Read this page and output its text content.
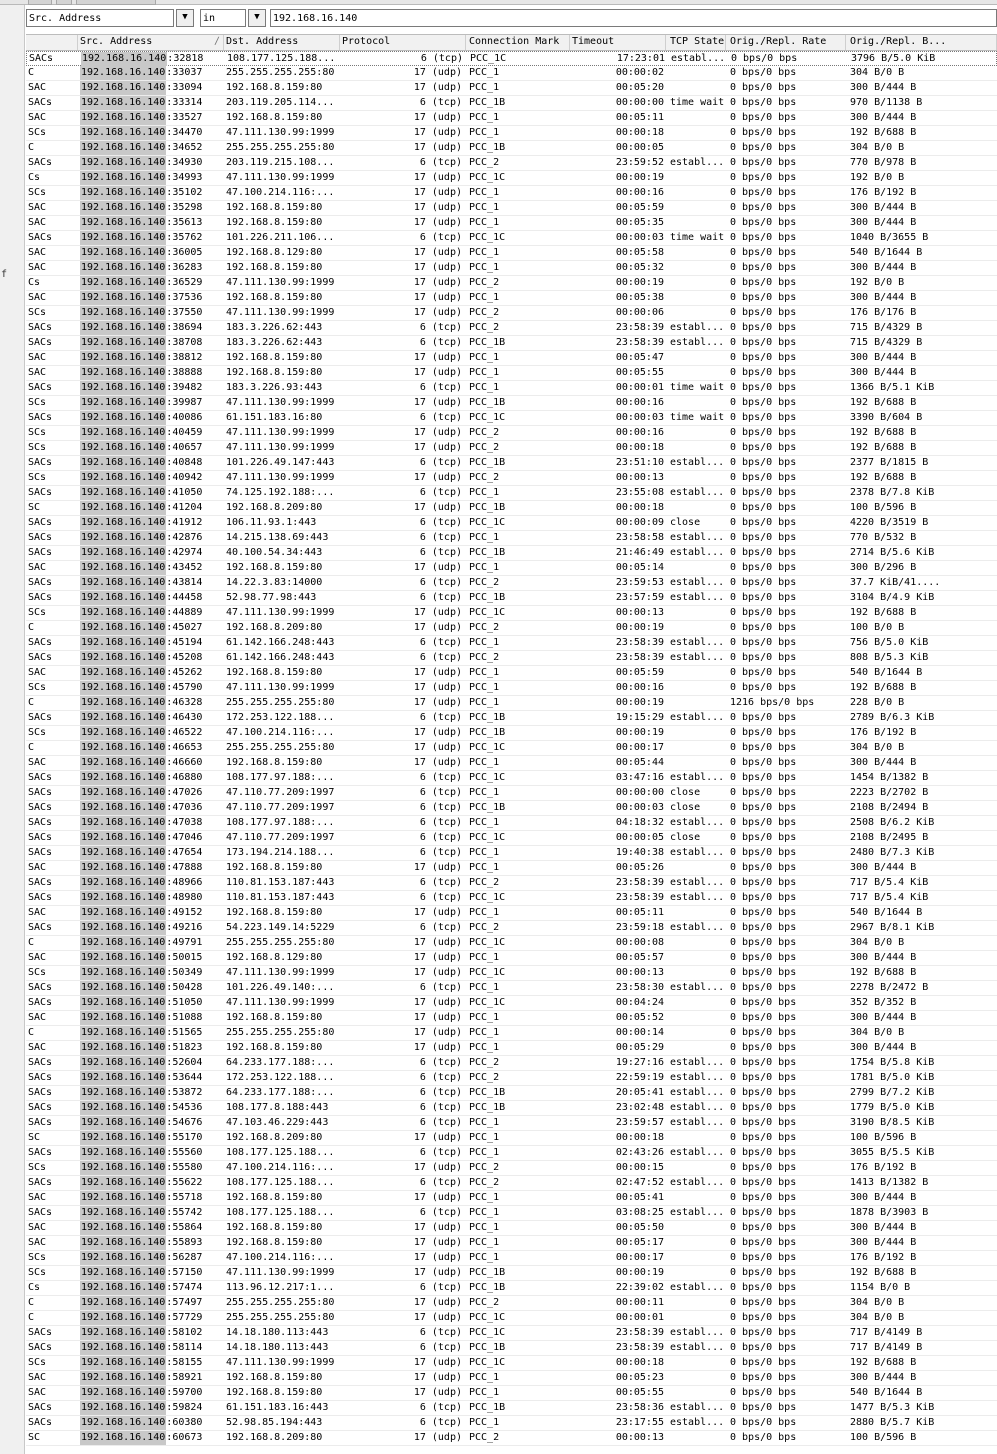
f
Src. Address	▼	in	▼	192.168.16.140
Src. Address	∕ Dst. Address	Protocol	Connection Mark	Timeout	TCP State Orig./Repl. Rate	Orig./Repl. B...
SACs	192.168.16.140:32818	108.177.125.188...	6 (tcp) PCC_1C	17:23:01 establ... 0 bps/0 bps	3796 B/5.0 KiB
C	192.168.16.140:33037	255.255.255.255:80	17 (udp) PCC_1	00:00:02	0 bps/0 bps	304 B/0 B
SAC	192.168.16.140:33094	192.168.8.159:80	17 (udp) PCC_1	00:05:20	0 bps/0 bps	300 B/444 B
SACs	192.168.16.140:33314	203.119.205.114...	6 (tcp) PCC_1B	00:00:00 time wait 0 bps/0 bps	970 B/1138 B
SAC	192.168.16.140:33527	192.168.8.159:80	17 (udp) PCC_1	00:05:11	0 bps/0 bps	300 B/444 B
SCs	192.168.16.140:34470	47.111.130.99:1999	17 (udp) PCC_1	00:00:18	0 bps/0 bps	192 B/688 B
C	192.168.16.140:34652	255.255.255.255:80	17 (udp) PCC_1B	00:00:05	0 bps/0 bps	304 B/0 B
SACs	192.168.16.140:34930	203.119.215.108...	6 (tcp) PCC_2	23:59:52 establ... 0 bps/0 bps	770 B/978 B
Cs	192.168.16.140:34993	47.111.130.99:1999	17 (udp) PCC_1C	00:00:19	0 bps/0 bps	192 B/0 B
SCs	192.168.16.140:35102	47.100.214.116:...	17 (udp) PCC_1	00:00:16	0 bps/0 bps	176 B/192 B
SAC	192.168.16.140:35298	192.168.8.159:80	17 (udp) PCC_1	00:05:59	0 bps/0 bps	300 B/444 B
SAC	192.168.16.140:35613	192.168.8.159:80	17 (udp) PCC_1	00:05:35	0 bps/0 bps	300 B/444 B
SACs	192.168.16.140:35762	101.226.211.106...	6 (tcp) PCC_1C	00:00:03 time wait 0 bps/0 bps	1040 B/3655 B
SAC	192.168.16.140:36005	192.168.8.129:80	17 (udp) PCC_1	00:05:58	0 bps/0 bps	540 B/1644 B
SAC	192.168.16.140:36283	192.168.8.159:80	17 (udp) PCC_1	00:05:32	0 bps/0 bps	300 B/444 B
Cs	192.168.16.140:36529	47.111.130.99:1999	17 (udp) PCC_2	00:00:19	0 bps/0 bps	192 B/0 B
SAC	192.168.16.140:37536	192.168.8.159:80	17 (udp) PCC_1	00:05:38	0 bps/0 bps	300 B/444 B
SCs	192.168.16.140:37550	47.111.130.99:1999	17 (udp) PCC_2	00:00:06	0 bps/0 bps	176 B/176 B
SACs	192.168.16.140:38694	183.3.226.62:443	6 (tcp) PCC_2	23:58:39 establ... 0 bps/0 bps	715 B/4329 B
SACs	192.168.16.140:38708	183.3.226.62:443	6 (tcp) PCC_1B	23:58:39 establ... 0 bps/0 bps	715 B/4329 B
SAC	192.168.16.140:38812	192.168.8.159:80	17 (udp) PCC_1	00:05:47	0 bps/0 bps	300 B/444 B
SAC	192.168.16.140:38888	192.168.8.159:80	17 (udp) PCC_1	00:05:55	0 bps/0 bps	300 B/444 B
SACs	192.168.16.140:39482	183.3.226.93:443	6 (tcp) PCC_1	00:00:01 time wait 0 bps/0 bps	1366 B/5.1 KiB
SCs	192.168.16.140:39987	47.111.130.99:1999	17 (udp) PCC_1B	00:00:16	0 bps/0 bps	192 B/688 B
SACs	192.168.16.140:40086	61.151.183.16:80	6 (tcp) PCC_1C	00:00:03 time wait 0 bps/0 bps	3390 B/604 B
SCs	192.168.16.140:40459	47.111.130.99:1999	17 (udp) PCC_2	00:00:16	0 bps/0 bps	192 B/688 B
SCs	192.168.16.140:40657	47.111.130.99:1999	17 (udp) PCC_2	00:00:18	0 bps/0 bps	192 B/688 B
SACs	192.168.16.140:40848	101.226.49.147:443	6 (tcp) PCC_1B	23:51:10 establ... 0 bps/0 bps	2377 B/1815 B
SCs	192.168.16.140:40942	47.111.130.99:1999	17 (udp) PCC_2	00:00:13	0 bps/0 bps	192 B/688 B
SACs	192.168.16.140:41050	74.125.192.188:...	6 (tcp) PCC_1	23:55:08 establ... 0 bps/0 bps	2378 B/7.8 KiB
SC	192.168.16.140:41204	192.168.8.209:80	17 (udp) PCC_1B	00:00:18	0 bps/0 bps	100 B/596 B
SACs	192.168.16.140:41912	106.11.93.1:443	6 (tcp) PCC_1C	00:00:09 close	0 bps/0 bps	4220 B/3519 B
SACs	192.168.16.140:42876	14.215.138.69:443	6 (tcp) PCC_1	23:58:58 establ... 0 bps/0 bps	770 B/532 B
SACs	192.168.16.140:42974	40.100.54.34:443	6 (tcp) PCC_1B	21:46:49 establ... 0 bps/0 bps	2714 B/5.6 KiB
SAC	192.168.16.140:43452	192.168.8.159:80	17 (udp) PCC_1	00:05:14	0 bps/0 bps	300 B/296 B
SACs	192.168.16.140:43814	14.22.3.83:14000	6 (tcp) PCC_2	23:59:53 establ... 0 bps/0 bps	37.7 KiB/41....
SACs	192.168.16.140:44458	52.98.77.98:443	6 (tcp) PCC_1B	23:57:59 establ... 0 bps/0 bps	3104 B/4.9 KiB
SCs	192.168.16.140:44889	47.111.130.99:1999	17 (udp) PCC_1C	00:00:13	0 bps/0 bps	192 B/688 B
C	192.168.16.140:45027	192.168.8.209:80	17 (udp) PCC_2	00:00:19	0 bps/0 bps	100 B/0 B
SACs	192.168.16.140:45194	61.142.166.248:443	6 (tcp) PCC_1	23:58:39 establ... 0 bps/0 bps	756 B/5.0 KiB
SACs	192.168.16.140:45208	61.142.166.248:443	6 (tcp) PCC_2	23:58:39 establ... 0 bps/0 bps	808 B/5.3 KiB
SAC	192.168.16.140:45262	192.168.8.159:80	17 (udp) PCC_1	00:05:59	0 bps/0 bps	540 B/1644 B
SCs	192.168.16.140:45790	47.111.130.99:1999	17 (udp) PCC_1	00:00:16	0 bps/0 bps	192 B/688 B
C	192.168.16.140:46328	255.255.255.255:80	17 (udp) PCC_1	00:00:19	1216 bps/0 bps	228 B/0 B
SACs	192.168.16.140:46430	172.253.122.188...	6 (tcp) PCC_1B	19:15:29 establ... 0 bps/0 bps	2789 B/6.3 KiB
SCs	192.168.16.140:46522	47.100.214.116:...	17 (udp) PCC_1B	00:00:19	0 bps/0 bps	176 B/192 B
C	192.168.16.140:46653	255.255.255.255:80	17 (udp) PCC_1C	00:00:17	0 bps/0 bps	304 B/0 B
SAC	192.168.16.140:46660	192.168.8.159:80	17 (udp) PCC_1	00:05:44	0 bps/0 bps	300 B/444 B
SACs	192.168.16.140:46880	108.177.97.188:...	6 (tcp) PCC_1C	03:47:16 establ... 0 bps/0 bps	1454 B/1382 B
SACs	192.168.16.140:47026	47.110.77.209:1997	6 (tcp) PCC_1	00:00:00 close	0 bps/0 bps	2223 B/2702 B
SACs	192.168.16.140:47036	47.110.77.209:1997	6 (tcp) PCC_1B	00:00:03 close	0 bps/0 bps	2108 B/2494 B
SACs	192.168.16.140:47038	108.177.97.188:...	6 (tcp) PCC_1	04:18:32 establ... 0 bps/0 bps	2508 B/6.2 KiB
SACs	192.168.16.140:47046	47.110.77.209:1997	6 (tcp) PCC_1C	00:00:05 close	0 bps/0 bps	2108 B/2495 B
SACs	192.168.16.140:47654	173.194.214.188...	6 (tcp) PCC_1	19:40:38 establ... 0 bps/0 bps	2480 B/7.3 KiB
SAC	192.168.16.140:47888	192.168.8.159:80	17 (udp) PCC_1	00:05:26	0 bps/0 bps	300 B/444 B
SACs	192.168.16.140:48966	110.81.153.187:443	6 (tcp) PCC_2	23:58:39 establ... 0 bps/0 bps	717 B/5.4 KiB
SACs	192.168.16.140:48980	110.81.153.187:443	6 (tcp) PCC_1C	23:58:39 establ... 0 bps/0 bps	717 B/5.4 KiB
SAC	192.168.16.140:49152	192.168.8.159:80	17 (udp) PCC_1	00:05:11	0 bps/0 bps	540 B/1644 B
SACs	192.168.16.140:49216	54.223.149.14:5229	6 (tcp) PCC_2	23:59:18 establ... 0 bps/0 bps	2967 B/8.1 KiB
C	192.168.16.140:49791	255.255.255.255:80	17 (udp) PCC_1C	00:00:08	0 bps/0 bps	304 B/0 B
SAC	192.168.16.140:50015	192.168.8.129:80	17 (udp) PCC_1	00:05:57	0 bps/0 bps	300 B/444 B
SCs	192.168.16.140:50349	47.111.130.99:1999	17 (udp) PCC_1C	00:00:13	0 bps/0 bps	192 B/688 B
SACs	192.168.16.140:50428	101.226.49.140:...	6 (tcp) PCC_1	23:58:30 establ... 0 bps/0 bps	2278 B/2472 B
SACs	192.168.16.140:51050	47.111.130.99:1999	17 (udp) PCC_1C	00:04:24	0 bps/0 bps	352 B/352 B
SAC	192.168.16.140:51088	192.168.8.159:80	17 (udp) PCC_1	00:05:52	0 bps/0 bps	300 B/444 B
C	192.168.16.140:51565	255.255.255.255:80	17 (udp) PCC_1	00:00:14	0 bps/0 bps	304 B/0 B
SAC	192.168.16.140:51823	192.168.8.159:80	17 (udp) PCC_1	00:05:29	0 bps/0 bps	300 B/444 B
SACs	192.168.16.140:52604	64.233.177.188:...	6 (tcp) PCC_2	19:27:16 establ... 0 bps/0 bps	1754 B/5.8 KiB
SACs	192.168.16.140:53644	172.253.122.188...	6 (tcp) PCC_2	22:59:19 establ... 0 bps/0 bps	1781 B/5.0 KiB
SACs	192.168.16.140:53872	64.233.177.188:...	6 (tcp) PCC_1B	20:05:41 establ... 0 bps/0 bps	2799 B/7.2 KiB
SACs	192.168.16.140:54536	108.177.8.188:443	6 (tcp) PCC_1B	23:02:48 establ... 0 bps/0 bps	1779 B/5.0 KiB
SACs	192.168.16.140:54676	47.103.46.229:443	6 (tcp) PCC_1	23:59:57 establ... 0 bps/0 bps	3190 B/8.5 KiB
SC	192.168.16.140:55170	192.168.8.209:80	17 (udp) PCC_1	00:00:18	0 bps/0 bps	100 B/596 B
SACs	192.168.16.140:55560	108.177.125.188...	6 (tcp) PCC_1	02:43:26 establ... 0 bps/0 bps	3055 B/5.5 KiB
SCs	192.168.16.140:55580	47.100.214.116:...	17 (udp) PCC_2	00:00:15	0 bps/0 bps	176 B/192 B
SACs	192.168.16.140:55622	108.177.125.188...	6 (tcp) PCC_2	02:47:52 establ... 0 bps/0 bps	1413 B/1382 B
SAC	192.168.16.140:55718	192.168.8.159:80	17 (udp) PCC_1	00:05:41	0 bps/0 bps	300 B/444 B
SACs	192.168.16.140:55742	108.177.125.188...	6 (tcp) PCC_1	03:08:25 establ... 0 bps/0 bps	1878 B/3903 B
SAC	192.168.16.140:55864	192.168.8.159:80	17 (udp) PCC_1	00:05:50	0 bps/0 bps	300 B/444 B
SAC	192.168.16.140:55893	192.168.8.159:80	17 (udp) PCC_1	00:05:17	0 bps/0 bps	300 B/444 B
SCs	192.168.16.140:56287	47.100.214.116:...	17 (udp) PCC_1	00:00:17	0 bps/0 bps	176 B/192 B
SCs	192.168.16.140:57150	47.111.130.99:1999	17 (udp) PCC_1B	00:00:19	0 bps/0 bps	192 B/688 B
Cs	192.168.16.140:57474	113.96.12.217:1...	6 (tcp) PCC_1B	22:39:02 establ... 0 bps/0 bps	1154 B/0 B
C	192.168.16.140:57497	255.255.255.255:80	17 (udp) PCC_2	00:00:11	0 bps/0 bps	304 B/0 B
C	192.168.16.140:57729	255.255.255.255:80	17 (udp) PCC_1C	00:00:01	0 bps/0 bps	304 B/0 B
SACs	192.168.16.140:58102	14.18.180.113:443	6 (tcp) PCC_1C	23:58:39 establ... 0 bps/0 bps	717 B/4149 B
SACs	192.168.16.140:58114	14.18.180.113:443	6 (tcp) PCC_1B	23:58:39 establ... 0 bps/0 bps	717 B/4149 B
SCs	192.168.16.140:58155	47.111.130.99:1999	17 (udp) PCC_1C	00:00:18	0 bps/0 bps	192 B/688 B
SAC	192.168.16.140:58921	192.168.8.159:80	17 (udp) PCC_1	00:05:23	0 bps/0 bps	300 B/444 B
SAC	192.168.16.140:59700	192.168.8.159:80	17 (udp) PCC_1	00:05:55	0 bps/0 bps	540 B/1644 B
SACs	192.168.16.140:59824	61.151.183.16:443	6 (tcp) PCC_1B	23:58:36 establ... 0 bps/0 bps	1477 B/5.3 KiB
SACs	192.168.16.140:60380	52.98.85.194:443	6 (tcp) PCC_1	23:17:55 establ... 0 bps/0 bps	2880 B/5.7 KiB
SC	192.168.16.140:60673	192.168.8.209:80	17 (udp) PCC_2	00:00:13	0 bps/0 bps	100 B/596 B
